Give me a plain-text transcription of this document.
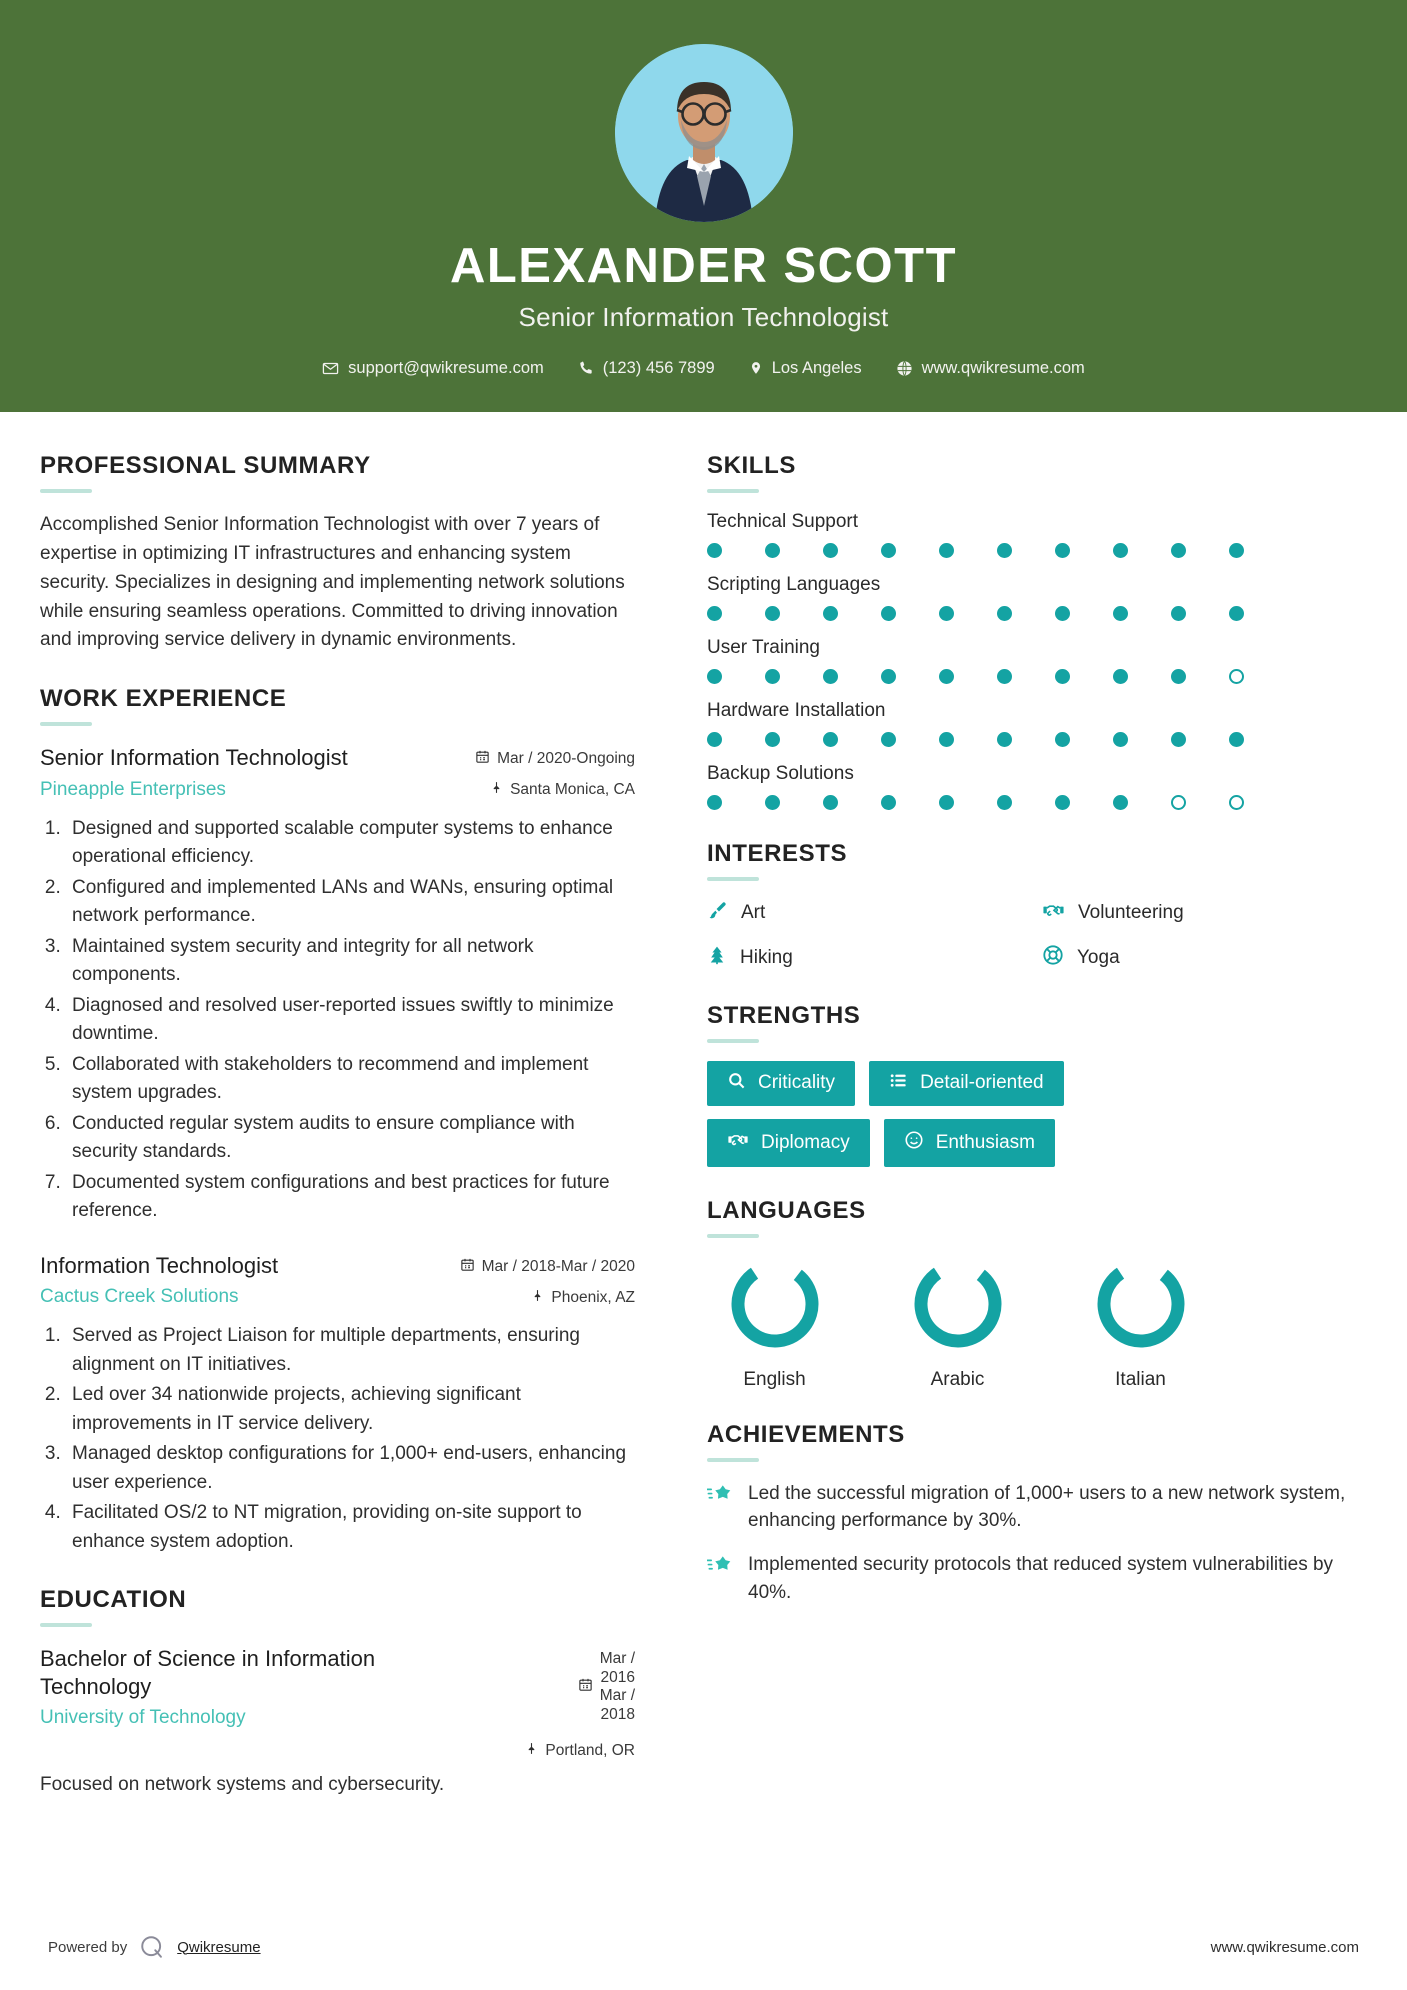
ALEXANDER SCOTT
Senior Information Technologist
support@qwikresume.com	(123) 456 7899	Los Angeles	www.qwikresume.com
PROFESSIONAL SUMMARY
Accomplished Senior Information Technologist with over 7 years of expertise in optimizing IT infrastructures and enhancing system security. Specializes in designing and implementing network solutions while ensuring seamless operations. Committed to driving innovation and improving service delivery in dynamic environments.
WORK EXPERIENCE
Senior Information Technologist
Pineapple Enterprises
Mar / 2020-Ongoing
Santa Monica, CA
1. Designed and supported scalable computer systems to enhance operational efficiency.
2. Configured and implemented LANs and WANs, ensuring optimal network performance.
3. Maintained system security and integrity for all network components.
4. Diagnosed and resolved user-reported issues swiftly to minimize downtime.
5. Collaborated with stakeholders to recommend and implement system upgrades.
6. Conducted regular system audits to ensure compliance with security standards.
7. Documented system configurations and best practices for future reference.
Information Technologist
Cactus Creek Solutions
Mar / 2018-Mar / 2020
Phoenix, AZ
1. Served as Project Liaison for multiple departments, ensuring alignment on IT initiatives.
2. Led over 34 nationwide projects, achieving significant improvements in IT service delivery.
3. Managed desktop configurations for 1,000+ end-users, enhancing user experience.
4. Facilitated OS/2 to NT migration, providing on-site support to enhance system adoption.
EDUCATION
Bachelor of Science in Information Technology
University of Technology
Mar /
2016
Mar /
2018
Portland, OR
Focused on network systems and cybersecurity.
SKILLS
Technical Support
Scripting Languages
User Training
Hardware Installation
Backup Solutions
INTERESTS
Art	Volunteering
Hiking	Yoga
STRENGTHS
Criticality	Detail-oriented
Diplomacy	Enthusiasm
LANGUAGES
English	Arabic	Italian
ACHIEVEMENTS
Led the successful migration of 1,000+ users to a new network system, enhancing performance by 30%.
Implemented security protocols that reduced system vulnerabilities by 40%.
Powered by	Qwikresume	www.qwikresume.com
